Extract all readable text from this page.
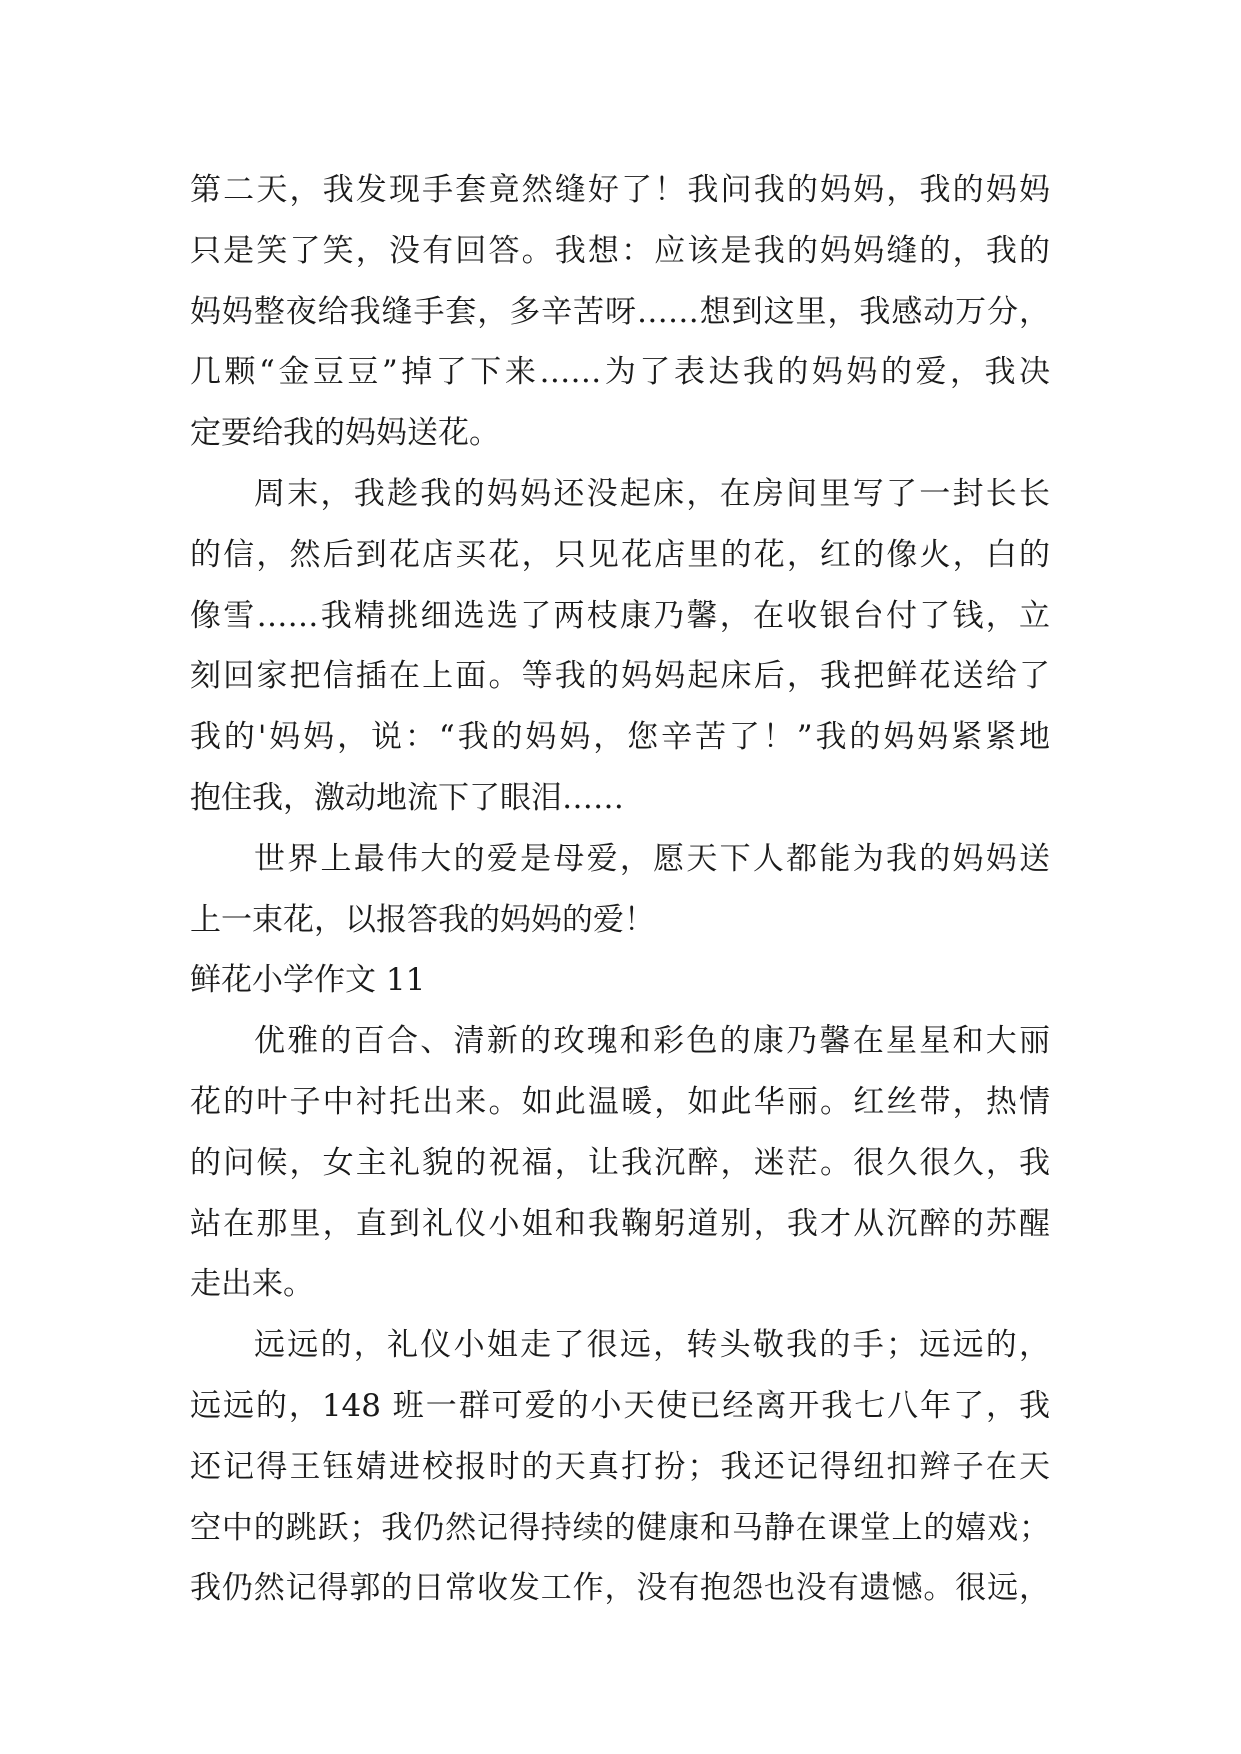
第二天，我发现手套竟然缝好了！我问我的妈妈，我的妈妈
只是笑了笑，没有回答。我想：应该是我的妈妈缝的，我的
妈妈整夜给我缝手套，多辛苦呀……想到这里，我感动万分，
几颗“金豆豆”掉了下来……为了表达我的妈妈的爱，我决
定要给我的妈妈送花。
周末，我趁我的妈妈还没起床，在房间里写了一封长长
的信，然后到花店买花，只见花店里的花，红的像火，白的
像雪……我精挑细选选了两枝康乃馨，在收银台付了钱，立
刻回家把信插在上面。等我的妈妈起床后，我把鲜花送给了
我的'妈妈，说：“我的妈妈，您辛苦了！”我的妈妈紧紧地
抱住我，激动地流下了眼泪……
世界上最伟大的爱是母爱，愿天下人都能为我的妈妈送
上一束花，以报答我的妈妈的爱！
鲜花小学作文 11
优雅的百合、清新的玫瑰和彩色的康乃馨在星星和大丽
花的叶子中衬托出来。如此温暖，如此华丽。红丝带，热情
的问候，女主礼貌的祝福，让我沉醉，迷茫。很久很久，我
站在那里，直到礼仪小姐和我鞠躬道别，我才从沉醉的苏醒
走出来。
远远的，礼仪小姐走了很远，转头敬我的手；远远的，
远远的，148 班一群可爱的小天使已经离开我七八年了，我
还记得王钰婧进校报时的天真打扮；我还记得纽扣辫子在天
空中的跳跃；我仍然记得持续的健康和马静在课堂上的嬉戏；
我仍然记得郭的日常收发工作，没有抱怨也没有遗憾。很远，
